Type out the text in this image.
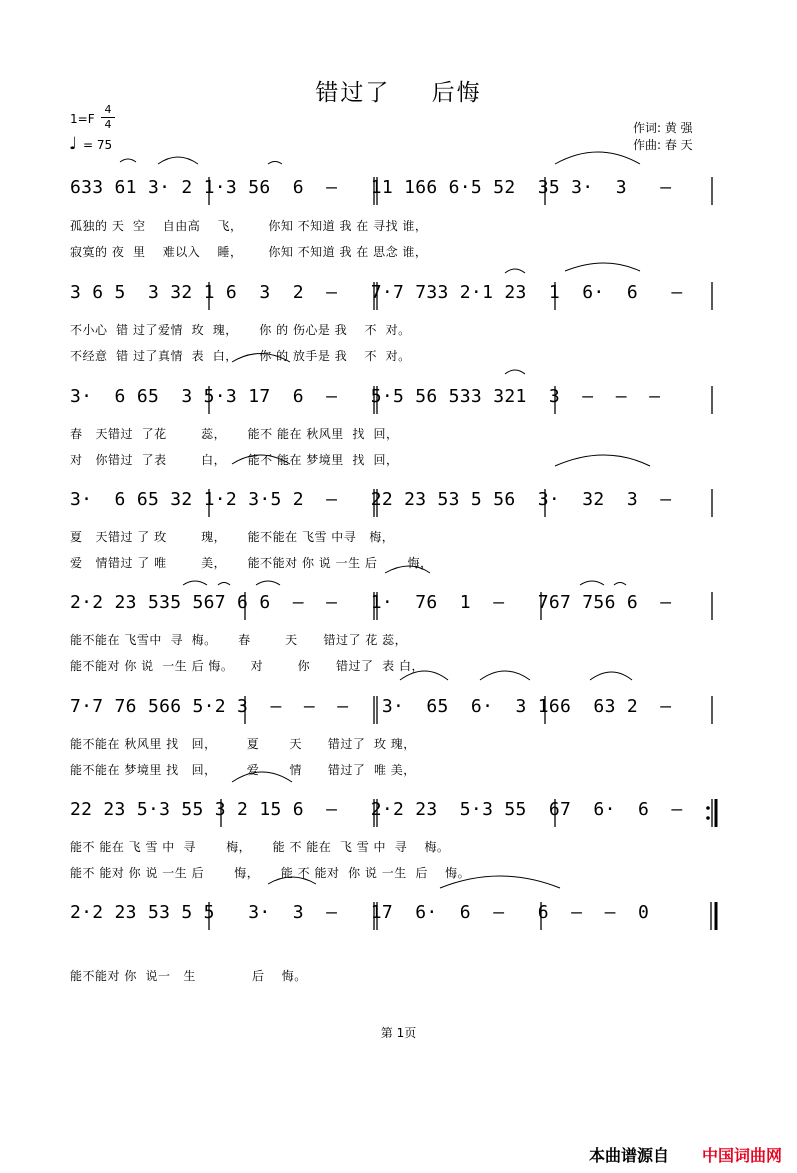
错过了 后悔
1=F
4
4
♩ = 75
作词: 黄 强
作曲: 春 天
633 61 3· 2 1·3 56  6  –   11 166 6·5 52  35 3·  3   –
孤独的 天  空    自由高    飞，      你知 不知道 我 在 寻找 谁，
寂寞的 夜  里    难以入    睡，      你知 不知道 我 在 思念 谁，
3 6 5  3 32 1 6  3  2  –   7·7 733 2·1 23  1  6·  6   –
不小心  错 过了爱情  玫  瑰，     你 的 伤心是 我    不  对。
不经意  错 过了真情  表  白，     你 的 放手是 我    不  对。
3·  6 65  3 5·3 17  6  –   5·5 56 533 321  3  –  –  –
春   天错过  了花        蕊，     能不 能在 秋风里  找  回，
对   你错过  了表        白，     能不 能在 梦境里  找  回，
3·  6 65 32 1·2 3·5 2  –   22 23 53 5 56  3·  32  3  –
夏   天错过 了 玫        瑰，     能不能在 飞雪 中寻   梅，
爱   情错过 了 唯        美，     能不能对 你 说 一生 后       悔，
2·2 23 535 567 6 6  –  –   1·  76  1  –   767 756 6  –
能不能在 飞雪中  寻  梅。     春        天      错过了 花 蕊，
能不能对 你 说  一生 后 悔。    对        你      错过了  表 白，
7·7 76 566 5·2 3  –  –  –   3·  65  6·  3 166  63 2  –
能不能在 秋风里 找   回，       夏       天      错过了  玫 瑰，
能不能在 梦境里 找   回，       爱       情      错过了  唯 美，
22 23 5·3 55 3 2 15 6  –   2·2 23  5·3 55  67  6·  6  –
能不 能在 飞 雪 中  寻       梅，     能 不 能在  飞 雪 中  寻    梅。
能不 能对 你 说 一生 后       悔，     能 不 能对  你 说 一生  后    悔。
2·2 23 53 5 5   3·  3  –   17  6·  6  –   6  –  –  0
能不能对 你  说一   生             后    悔。
第 1页
本曲谱源自 中国词曲网
